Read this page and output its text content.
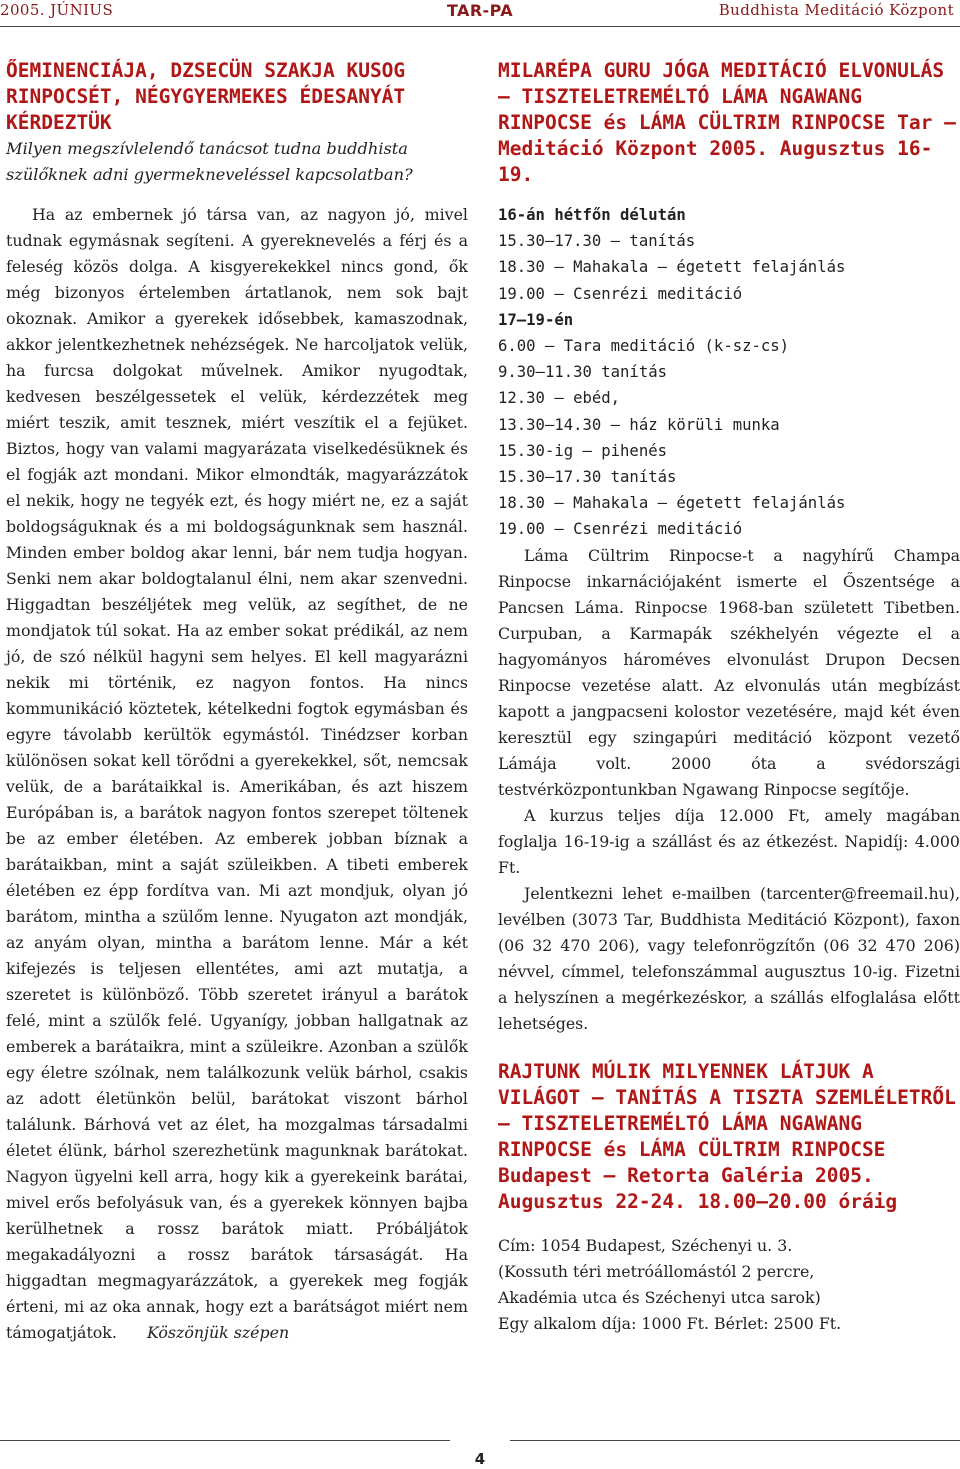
2005. JÚNIUS	TAR-PA	Buddhista Meditáció Központ

ŐEMINENCIÁJA, DZSECÜN SZAKJA KUSOG RINPOCSÉT, NÉGYGYERMEKES ÉDESANYÁT KÉRDEZTÜK

Milyen megszívlelendő tanácsot tudna buddhista szülőknek adni gyermekneveléssel kapcsolatban?

Ha az embernek jó társa van, az nagyon jó, mivel tudnak egymásnak segíteni. A gyereknevelés a férj és a feleség közös dolga. A kisgyerekekkel nincs gond, ők még bizonyos értelemben ártatlanok, nem sok bajt okoznak. Amikor a gyerekek idősebbek, kamaszodnak, akkor jelentkezhetnek nehézségek. Ne harcoljatok velük, ha furcsa dolgokat művelnek. Amikor nyugodtak, kedvesen beszélgessetek el velük, kérdezzétek meg miért teszik, amit tesznek, miért veszítik el a fejüket. Biztos, hogy van valami magyarázata viselkedésüknek és el fogják azt mondani. Mikor elmondták, magyarázzátok el nekik, hogy ne tegyék ezt, és hogy miért ne, ez a saját boldogságuknak és a mi boldogságunknak sem használ. Minden ember boldog akar lenni, bár nem tudja hogyan. Senki nem akar boldogtalanul élni, nem akar szenvedni. Higgadtan beszéljétek meg velük, az segíthet, de ne mondjatok túl sokat. Ha az ember sokat prédikál, az nem jó, de szó nélkül hagyni sem helyes. El kell magyarázni nekik mi történik, ez nagyon fontos. Ha nincs kommunikáció köztetek, kételkedni fogtok egymásban és egyre távolabb kerültök egymástól. Tinédzser korban különösen sokat kell törődni a gyerekekkel, sőt, nemcsak velük, de a barátaikkal is. Amerikában, és azt hiszem Európában is, a barátok nagyon fontos szerepet töltenek be az ember életében. Az emberek jobban bíznak a barátaikban, mint a saját szüleikben. A tibeti emberek életében ez épp fordítva van. Mi azt mondjuk, olyan jó barátom, mintha a szülőm lenne. Nyugaton azt mondják, az anyám olyan, mintha a barátom lenne. Már a két kifejezés is teljesen ellentétes, ami azt mutatja, a szeretet is különböző. Több szeretet irányul a barátok felé, mint a szülők felé. Ugyanígy, jobban hallgatnak az emberek a barátaikra, mint a szüleikre. Azonban a szülők egy életre szólnak, nem találkozunk velük bárhol, csakis az adott életünkön belül, barátokat viszont bárhol találunk. Bárhová vet az élet, ha mozgalmas társadalmi életet élünk, bárhol szerezhetünk magunknak barátokat. Nagyon ügyelni kell arra, hogy kik a gyerekeink barátai, mivel erős befolyásuk van, és a gyerekek könnyen bajba kerülhetnek a rossz barátok miatt. Próbáljátok megakadályozni a rossz barátok társaságát. Ha higgadtan megmagyarázzátok, a gyerekek meg fogják érteni, mi az oka annak, hogy ezt a barátságot miért nem támogatjátok. Köszönjük szépen

MILARÉPA GURU JÓGA MEDITÁCIÓ ELVONULÁS – TISZTELETREMÉLTÓ LÁMA NGAWANG RINPOCSE és LÁMA CÜLTRIM RINPOCSE Tar – Meditáció Központ 2005. Augusztus 16-19.

16-án hétfőn délután

15.30–17.30 – tanítás

18.30 – Mahakala – égetett felajánlás

19.00 – Csenrézi meditáció

17–19-én

6.00 – Tara meditáció (k-sz-cs)

9.30–11.30 tanítás

12.30 – ebéd,

13.30–14.30 – ház körüli munka

15.30-ig – pihenés

15.30–17.30 tanítás

18.30 – Mahakala – égetett felajánlás

19.00 – Csenrézi meditáció

Láma Cültrim Rinpocse-t a nagyhírű Champa Rinpocse inkarnációjaként ismerte el Őszentsége a Pancsen Láma. Rinpocse 1968-ban született Tibetben. Curpuban, a Karmapák székhelyén végezte el a hagyományos hároméves elvonulást Drupon Decsen Rinpocse vezetése alatt. Az elvonulás után megbízást kapott a jangpacseni kolostor vezetésére, majd két éven keresztül egy szingapúri meditáció központ vezető Lámája volt. 2000 óta a svédországi testvérközpontunkban Ngawang Rinpocse segítője.

A kurzus teljes díja 12.000 Ft, amely magában foglalja 16-19-ig a szállást és az étkezést. Napidíj: 4.000 Ft.

Jelentkezni lehet e-mailben (tarcenter@freemail.hu), levélben (3073 Tar, Buddhista Meditáció Központ), faxon (06 32 470 206), vagy telefonrögzítőn (06 32 470 206) névvel, címmel, telefonszámmal augusztus 10-ig. Fizetni a helyszínen a megérkezéskor, a szállás elfoglalása előtt lehetséges.

RAJTUNK MÚLIK MILYENNEK LÁTJUK A VILÁGOT – TANÍTÁS A TISZTA SZEMLÉLETRŐL – TISZTELETREMÉLTÓ LÁMA NGAWANG RINPOCSE és LÁMA CÜLTRIM RINPOCSE Budapest – Retorta Galéria 2005. Augusztus 22-24. 18.00–20.00 óráig

Cím: 1054 Budapest, Széchenyi u. 3.

(Kossuth téri metróállomástól 2 percre,

Akadémia utca és Széchenyi utca sarok)

Egy alkalom díja: 1000 Ft. Bérlet: 2500 Ft.

4
